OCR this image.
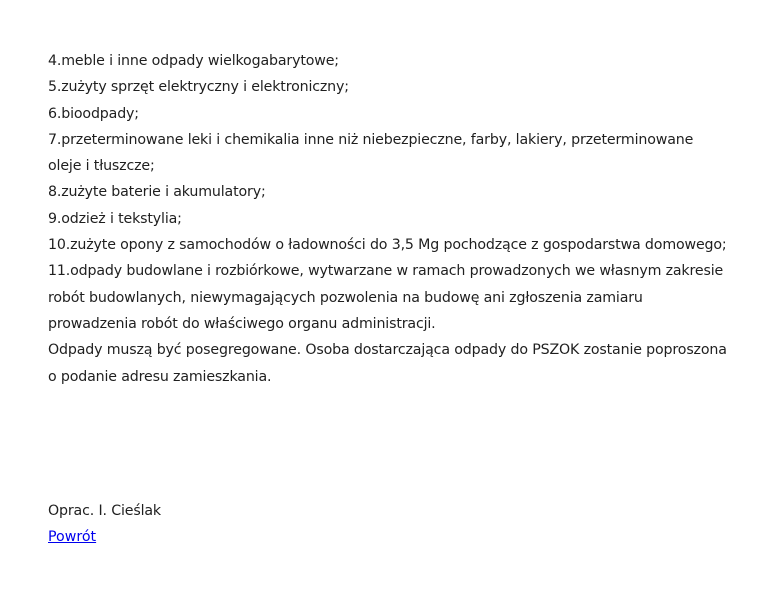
4.meble i inne odpady wielkogabarytowe;
5.zużyty sprzęt elektryczny i elektroniczny;
6.bioodpady;
7.przeterminowane leki i chemikalia inne niż niebezpieczne, farby, lakiery, przeterminowane oleje i tłuszcze;
8.zużyte baterie i akumulatory;
9.odzież i tekstylia;
10.zużyte opony z samochodów o ładowności do 3,5 Mg pochodzące z gospodarstwa domowego;
11.odpady budowlane i rozbiórkowe, wytwarzane w ramach prowadzonych we własnym zakresie robót budowlanych, niewymagających pozwolenia na budowę ani zgłoszenia zamiaru prowadzenia robót do właściwego organu administracji.
Odpady muszą być posegregowane. Osoba dostarczająca odpady do PSZOK zostanie poproszona o podanie adresu zamieszkania.
Oprac. I. Cieślak
Powrót
